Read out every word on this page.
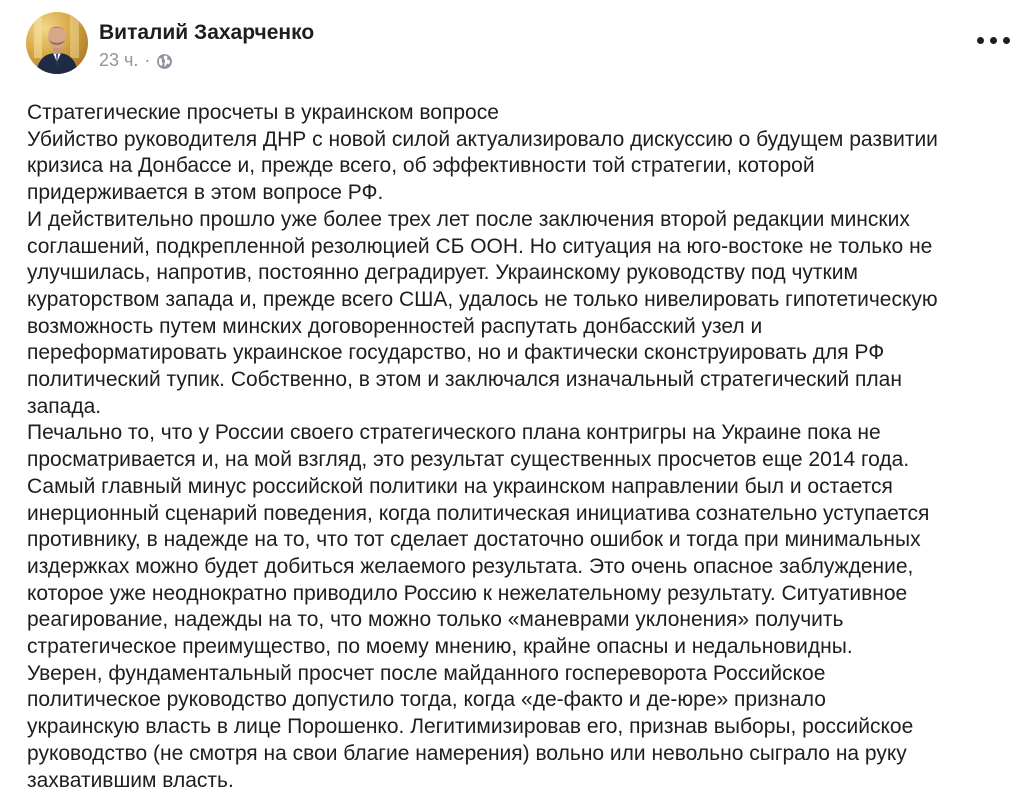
Виталий Захарченко
23 ч. ·

Стратегические просчеты в украинском вопросе

Убийство руководителя ДНР с новой силой актуализировало дискуссию о будущем развитии

кризиса на Донбассе и, прежде всего, об эффективности той стратегии, которой

придерживается в этом вопросе РФ.

И действительно прошло уже более трех лет после заключения второй редакции минских

соглашений, подкрепленной резолюцией СБ ООН. Но ситуация на юго-востоке не только не

улучшилась, напротив, постоянно деградирует. Украинскому руководству под чутким

кураторством запада и, прежде всего США, удалось не только нивелировать гипотетическую

возможность путем минских договоренностей распутать донбасский узел и

переформатировать украинское государство, но и фактически сконструировать для РФ

политический тупик. Собственно, в этом и заключался изначальный стратегический план

запада.

Печально то, что у России своего стратегического плана контригры на Украине пока не

просматривается и, на мой взгляд, это результат существенных просчетов еще 2014 года.

Самый главный минус российской политики на украинском направлении был и остается

инерционный сценарий поведения, когда политическая инициатива сознательно уступается

противнику, в надежде на то, что тот сделает достаточно ошибок и тогда при минимальных

издержках можно будет добиться желаемого результата. Это очень опасное заблуждение,

которое уже неоднократно приводило Россию к нежелательному результату. Ситуативное

реагирование, надежды на то, что можно только «маневрами уклонения» получить

стратегическое преимущество, по моему мнению, крайне опасны и недальновидны.

Уверен, фундаментальный просчет после майданного госпереворота Российское

политическое руководство допустило тогда, когда «де-факто и де-юре» признало

украинскую власть в лице Порошенко. Легитимизировав его, признав выборы, российское

руководство (не смотря на свои благие намерения) вольно или невольно сыграло на руку

захватившим власть.
